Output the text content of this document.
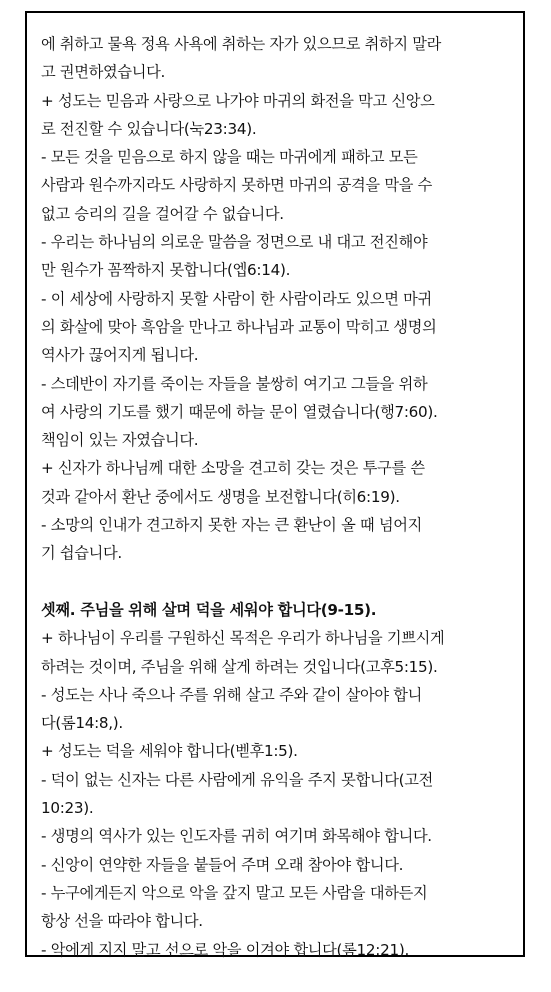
에 취하고 물욕 정욕 사욕에 취하는 자가 있으므로 취하지 말라
고 권면하였습니다.
+ 성도는 믿음과 사랑으로 나가야 마귀의 화전을 막고 신앙으
로 전진할 수 있습니다(눅23:34).
- 모든 것을 믿음으로 하지 않을 때는 마귀에게 패하고 모든
사람과 원수까지라도 사랑하지 못하면 마귀의 공격을 막을 수
없고 승리의 길을 걸어갈 수 없습니다.
- 우리는 하나님의 의로운 말씀을 정면으로 내 대고 전진해야
만 원수가 꼼짝하지 못합니다(엡6:14).
- 이 세상에 사랑하지 못할 사람이 한 사람이라도 있으면 마귀
의 화살에 맞아 흑암을 만나고 하나님과 교통이 막히고 생명의
역사가 끊어지게 됩니다.
- 스데반이 자기를 죽이는 자들을 불쌍히 여기고 그들을 위하
여 사랑의 기도를 했기 때문에 하늘 문이 열렸습니다(행7:60).
책임이 있는 자였습니다.
+ 신자가 하나님께 대한 소망을 견고히 갖는 것은 투구를 쓴
것과 같아서 환난 중에서도 생명을 보전합니다(히6:19).
- 소망의 인내가 견고하지 못한 자는 큰 환난이 올 때 넘어지
기 쉽습니다.
셋째. 주님을 위해 살며 덕을 세워야 합니다(9-15).
+ 하나님이 우리를 구원하신 목적은 우리가 하나님을 기쁘시게
하려는 것이며, 주님을 위해 살게 하려는 것입니다(고후5:15).
- 성도는 사나 죽으나 주를 위해 살고 주와 같이 살아야 합니
다(롬14:8,).
+ 성도는 덕을 세워야 합니다(벧후1:5).
- 덕이 없는 신자는 다른 사람에게 유익을 주지 못합니다(고전
10:23).
- 생명의 역사가 있는 인도자를 귀히 여기며 화목해야 합니다.
- 신앙이 연약한 자들을 붙들어 주며 오래 참아야 합니다.
- 누구에게든지 악으로 악을 갚지 말고 모든 사람을 대하든지
항상 선을 따라야 합니다.
- 악에게 지지 말고 선으로 악을 이겨야 합니다(롬12:21).
